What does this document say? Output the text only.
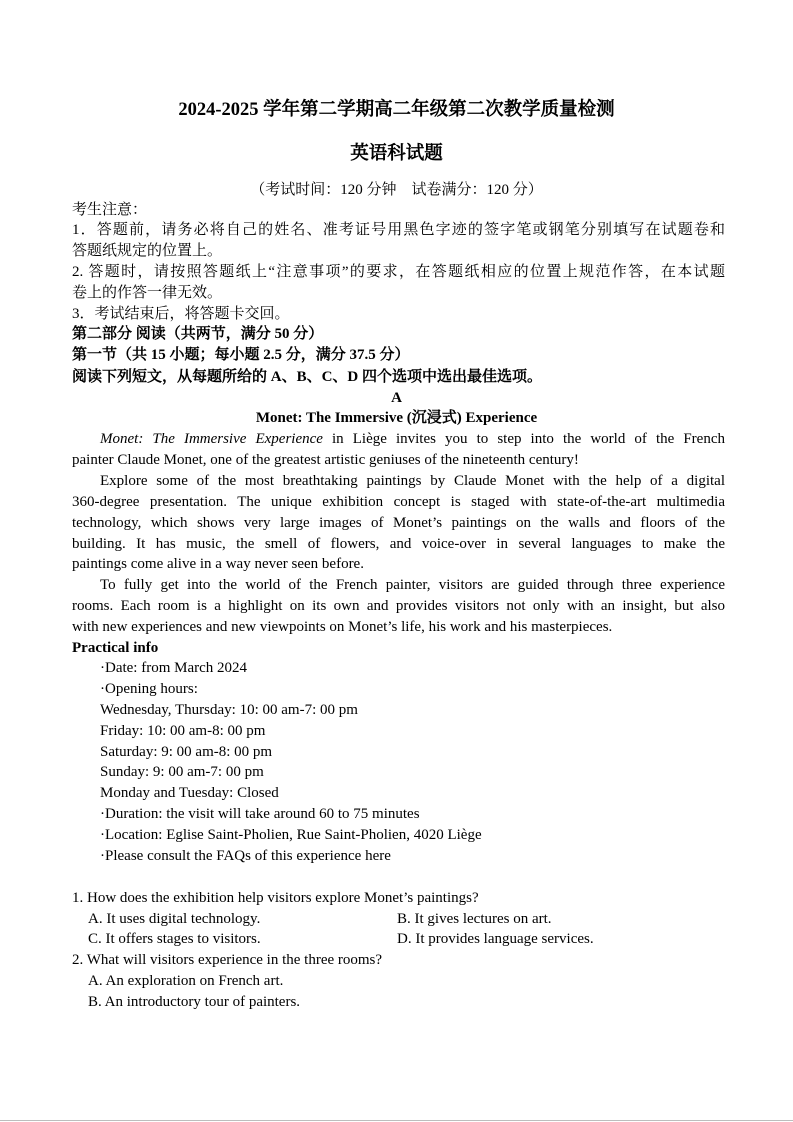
2024-2025 学年第二学期高二年级第二次教学质量检测
英语科试题
（考试时间：120 分钟　试卷满分：120 分）
考生注意：
1．答题前，请务必将自己的姓名、准考证号用黑色字迹的签字笔或钢笔分别填写在试题卷和
答题纸规定的位置上。
2. 答题时，请按照答题纸上“注意事项”的要求，在答题纸相应的位置上规范作答，在本试题
卷上的作答一律无效。
3．考试结束后，将答题卡交回。
第二部分 阅读（共两节，满分 50 分）
第一节（共 15 小题；每小题 2.5 分，满分 37.5 分）
阅读下列短文，从每题所给的 A、B、C、D 四个选项中选出最佳选项。
A
Monet: The Immersive (沉浸式) Experience
Monet: The Immersive Experience in Liège invites you to step into the world of the French
painter Claude Monet, one of the greatest artistic geniuses of the nineteenth century!
Explore some of the most breathtaking paintings by Claude Monet with the help of a digital
360-degree presentation. The unique exhibition concept is staged with state-of-the-art multimedia
technology, which shows very large images of Monet’s paintings on the walls and floors of the
building. It has music, the smell of flowers, and voice-over in several languages to make the
paintings come alive in a way never seen before.
To fully get into the world of the French painter, visitors are guided through three experience
rooms. Each room is a highlight on its own and provides visitors not only with an insight, but also
with new experiences and new viewpoints on Monet’s life, his work and his masterpieces.
Practical info
·Date: from March 2024
·Opening hours:
Wednesday, Thursday: 10: 00 am-7: 00 pm
Friday: 10: 00 am-8: 00 pm
Saturday: 9: 00 am-8: 00 pm
Sunday: 9: 00 am-7: 00 pm
Monday and Tuesday: Closed
·Duration: the visit will take around 60 to 75 minutes
·Location: Eglise Saint-Pholien, Rue Saint-Pholien, 4020 Liège
·Please consult the FAQs of this experience here
1. How does the exhibition help visitors explore Monet’s paintings?
A. It uses digital technology.	B. It gives lectures on art.
C. It offers stages to visitors.	D. It provides language services.
2. What will visitors experience in the three rooms?
A. An exploration on French art.
B. An introductory tour of painters.
